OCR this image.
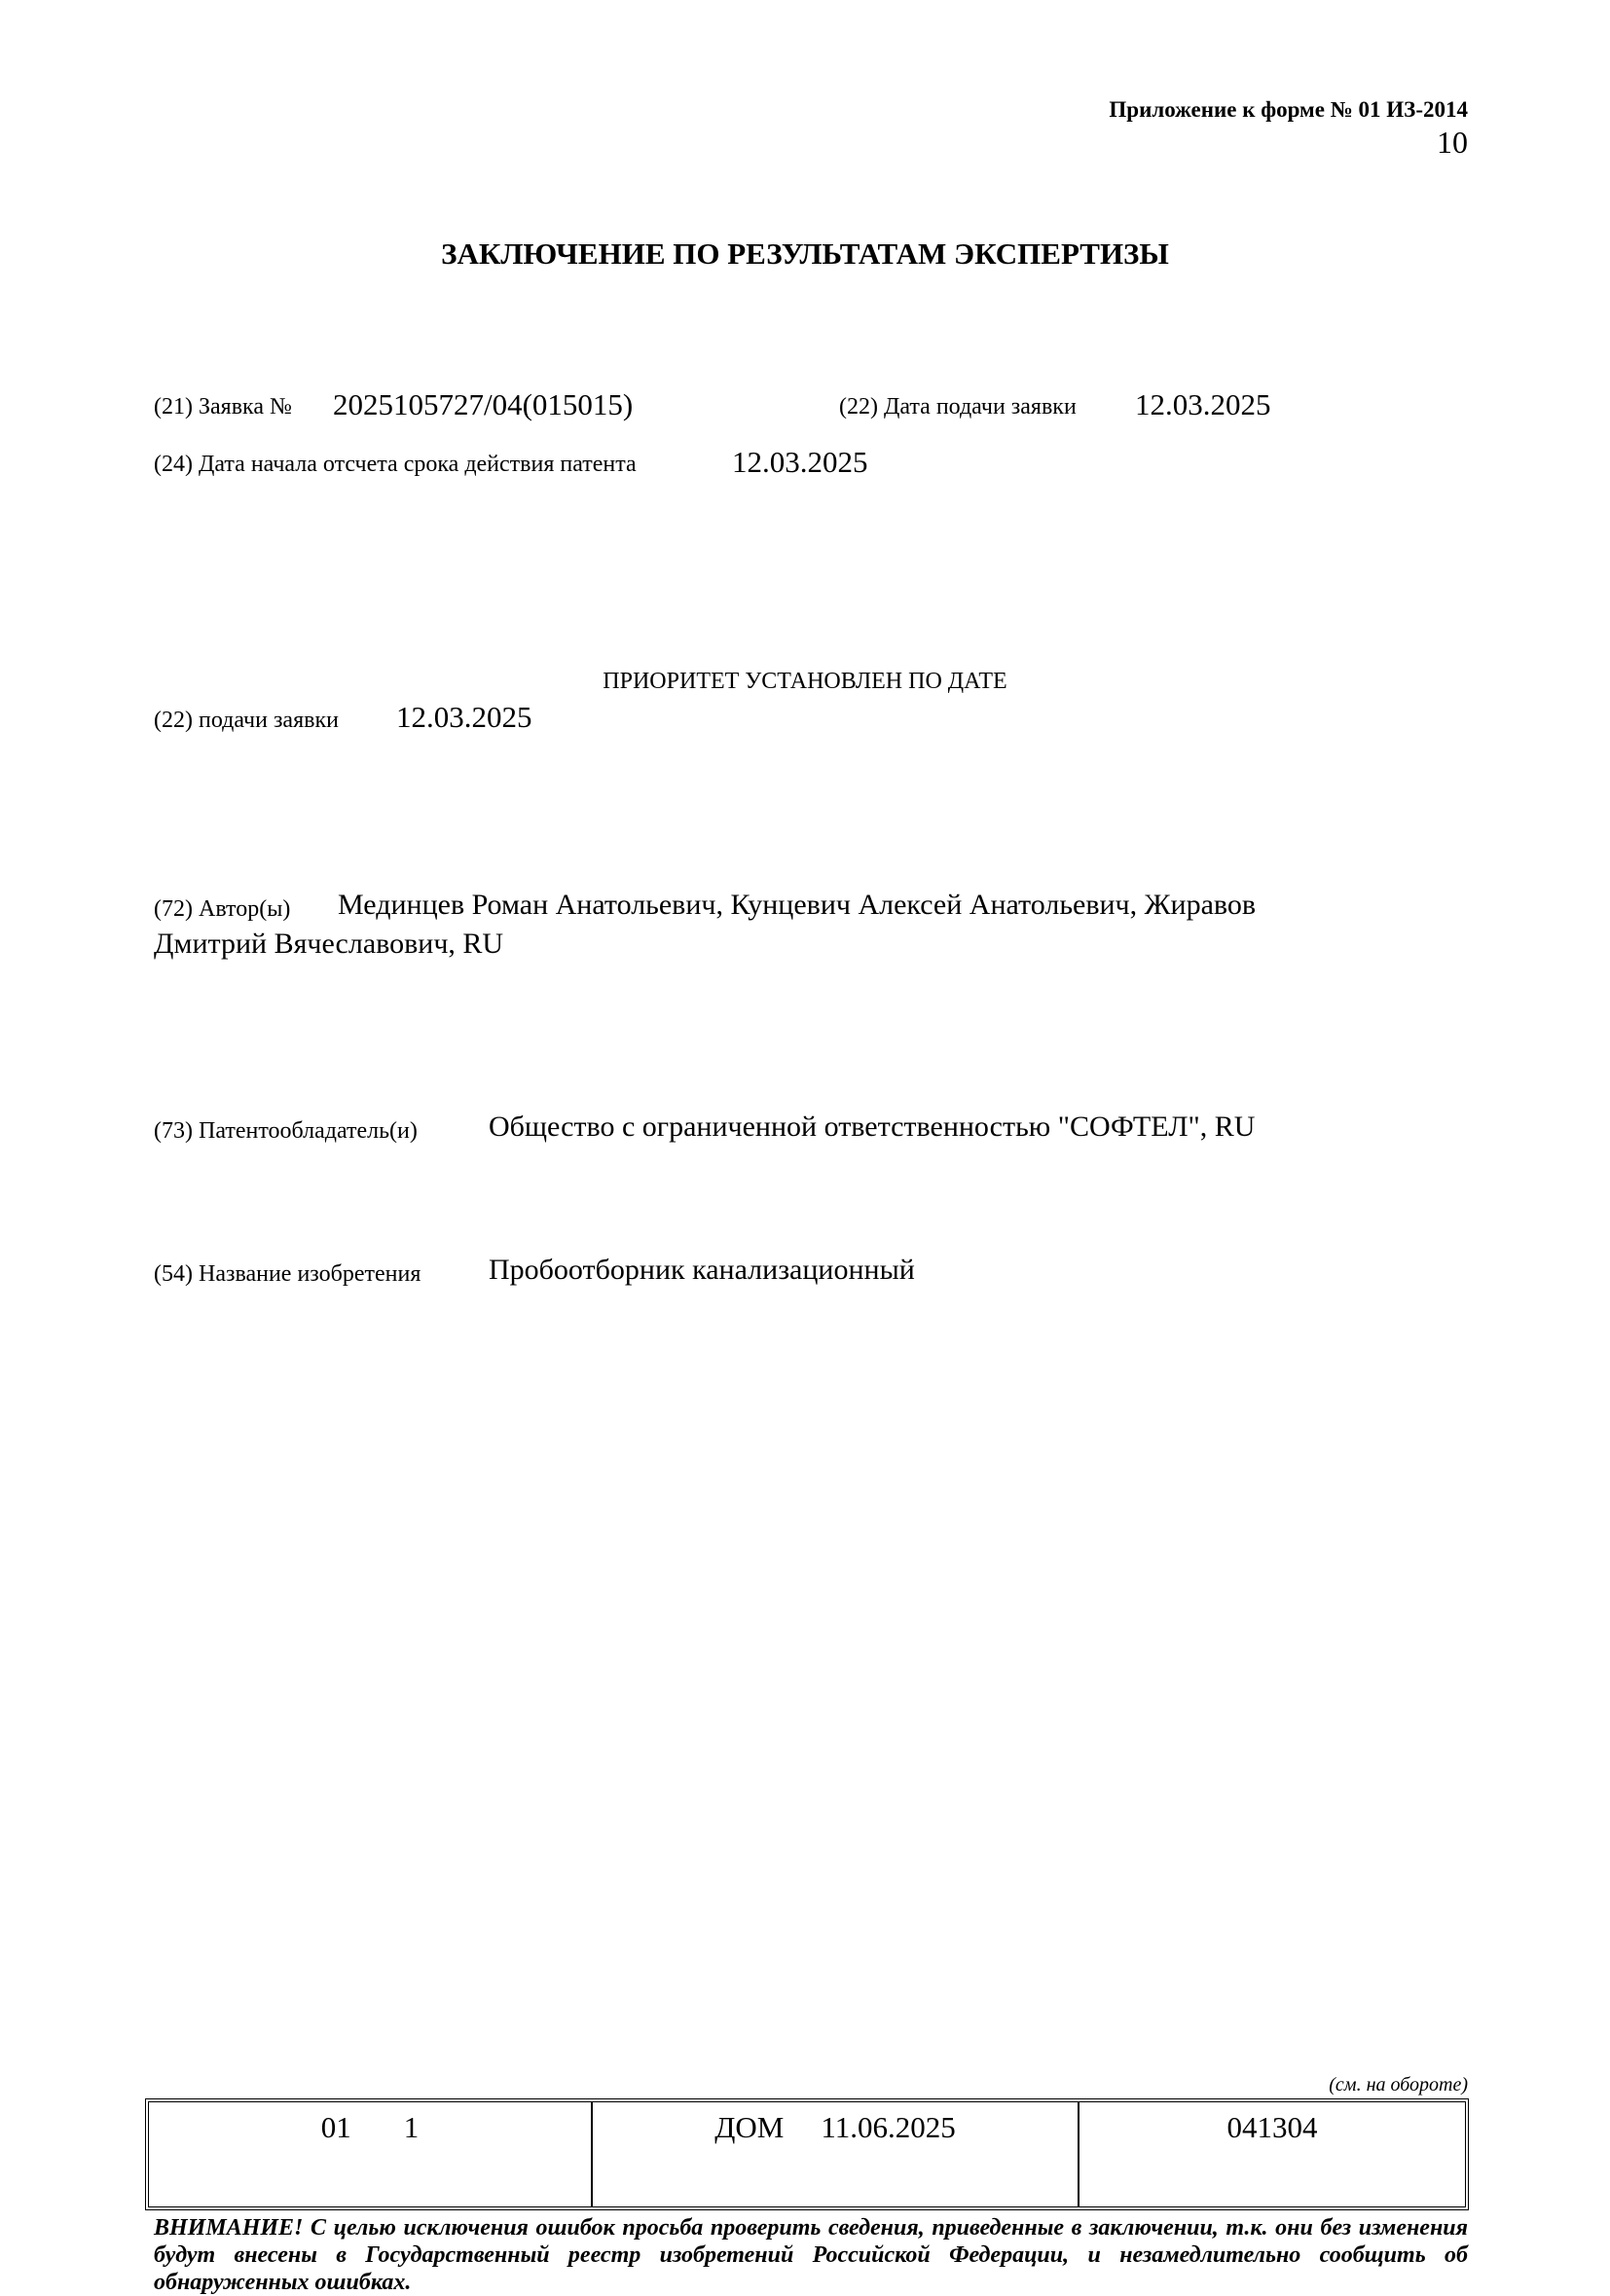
Приложение к форме № 01 ИЗ-2014
10
ЗАКЛЮЧЕНИЕ ПО РЕЗУЛЬТАТАМ ЭКСПЕРТИЗЫ
(21) Заявка № 2025105727/04(015015)	(22) Дата подачи заявки 12.03.2025
(24) Дата начала отсчета срока действия патента	12.03.2025
ПРИОРИТЕТ УСТАНОВЛЕН ПО ДАТЕ
(22) подачи заявки 12.03.2025
(72) Автор(ы) Мединцев Роман Анатольевич, Кунцевич Алексей Анатольевич, Жиравов
Дмитрий Вячеславович, RU
(73) Патентообладатель(и) Общество с ограниченной ответственностью "СОФТЕЛ", RU
(54) Название изобретения Пробоотборник канализационный
(см. на обороте)
01 1	ДОМ 11.06.2025	041304
ВНИМАНИЕ! С целью исключения ошибок просьба проверить сведения, приведенные в заключении, т.к. они без изменения будут внесены в Государственный реестр изобретений Российской Федерации, и незамедлительно сообщить об обнаруженных ошибках.
